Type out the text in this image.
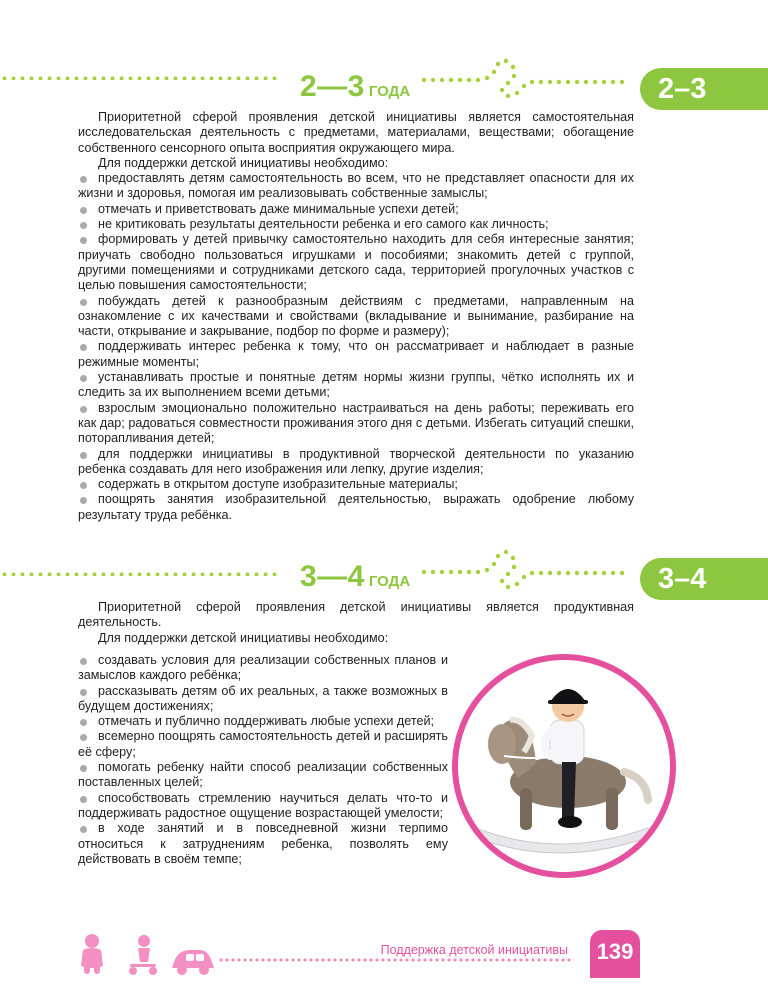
2—3 ГОДА	2–3

Приоритетной сферой проявления детской инициативы является самостоятельная исследовательская деятельность с предметами, материалами, веществами; обогащение собственного сенсорного опыта восприятия окружающего мира.

Для поддержки детской инициативы необходимо:

предоставлять детям самостоятельность во всем, что не представляет опасности для их жизни и здоровья, помогая им реализовывать собственные замыслы;

отмечать и приветствовать даже минимальные успехи детей;

не критиковать результаты деятельности ребенка и его самого как личность;

формировать у детей привычку самостоятельно находить для себя интересные занятия; приучать свободно пользоваться игрушками и пособиями; знакомить детей с группой, другими помещениями и сотрудниками детского сада, территорией прогулочных участков с целью повышения самостоятельности;

побуждать детей к разнообразным действиям с предметами, направленным на ознакомление с их качествами и свойствами (вкладывание и вынимание, разбирание на части, открывание и закрывание, подбор по форме и размеру);

поддерживать интерес ребенка к тому, что он рассматривает и наблюдает в разные режимные моменты;

устанавливать простые и понятные детям нормы жизни группы, чётко исполнять их и следить за их выполнением всеми детьми;

взрослым эмоционально положительно настраиваться на день работы; переживать его как дар; радоваться совместности проживания этого дня с детьми. Избегать ситуаций спешки, поторапливания детей;

для поддержки инициативы в продуктивной творческой деятельности по указанию ребенка создавать для него изображения или лепку, другие изделия;

содержать в открытом доступе изобразительные материалы;

поощрять занятия изобразительной деятельностью, выражать одобрение любому результату труда ребёнка.

3—4 ГОДА	3–4

Приоритетной сферой проявления детской инициативы является продуктивная деятельность.

Для поддержки детской инициативы необходимо:

создавать условия для реализации собственных планов и замыслов каждого ребёнка;

рассказывать детям об их реальных, а также возможных в будущем достижениях;

отмечать и публично поддерживать любые успехи детей;

всемерно поощрять самостоятельность детей и расширять её сферу;

помогать ребенку найти способ реализации собственных поставленных целей;

способствовать стремлению научиться делать что-то и поддерживать радостное ощущение возрастающей умелости;

в ходе занятий и в повседневной жизни терпимо относиться к затруднениям ребенка, позволять ему действовать в своём темпе;

Поддержка детской инициативы	139
